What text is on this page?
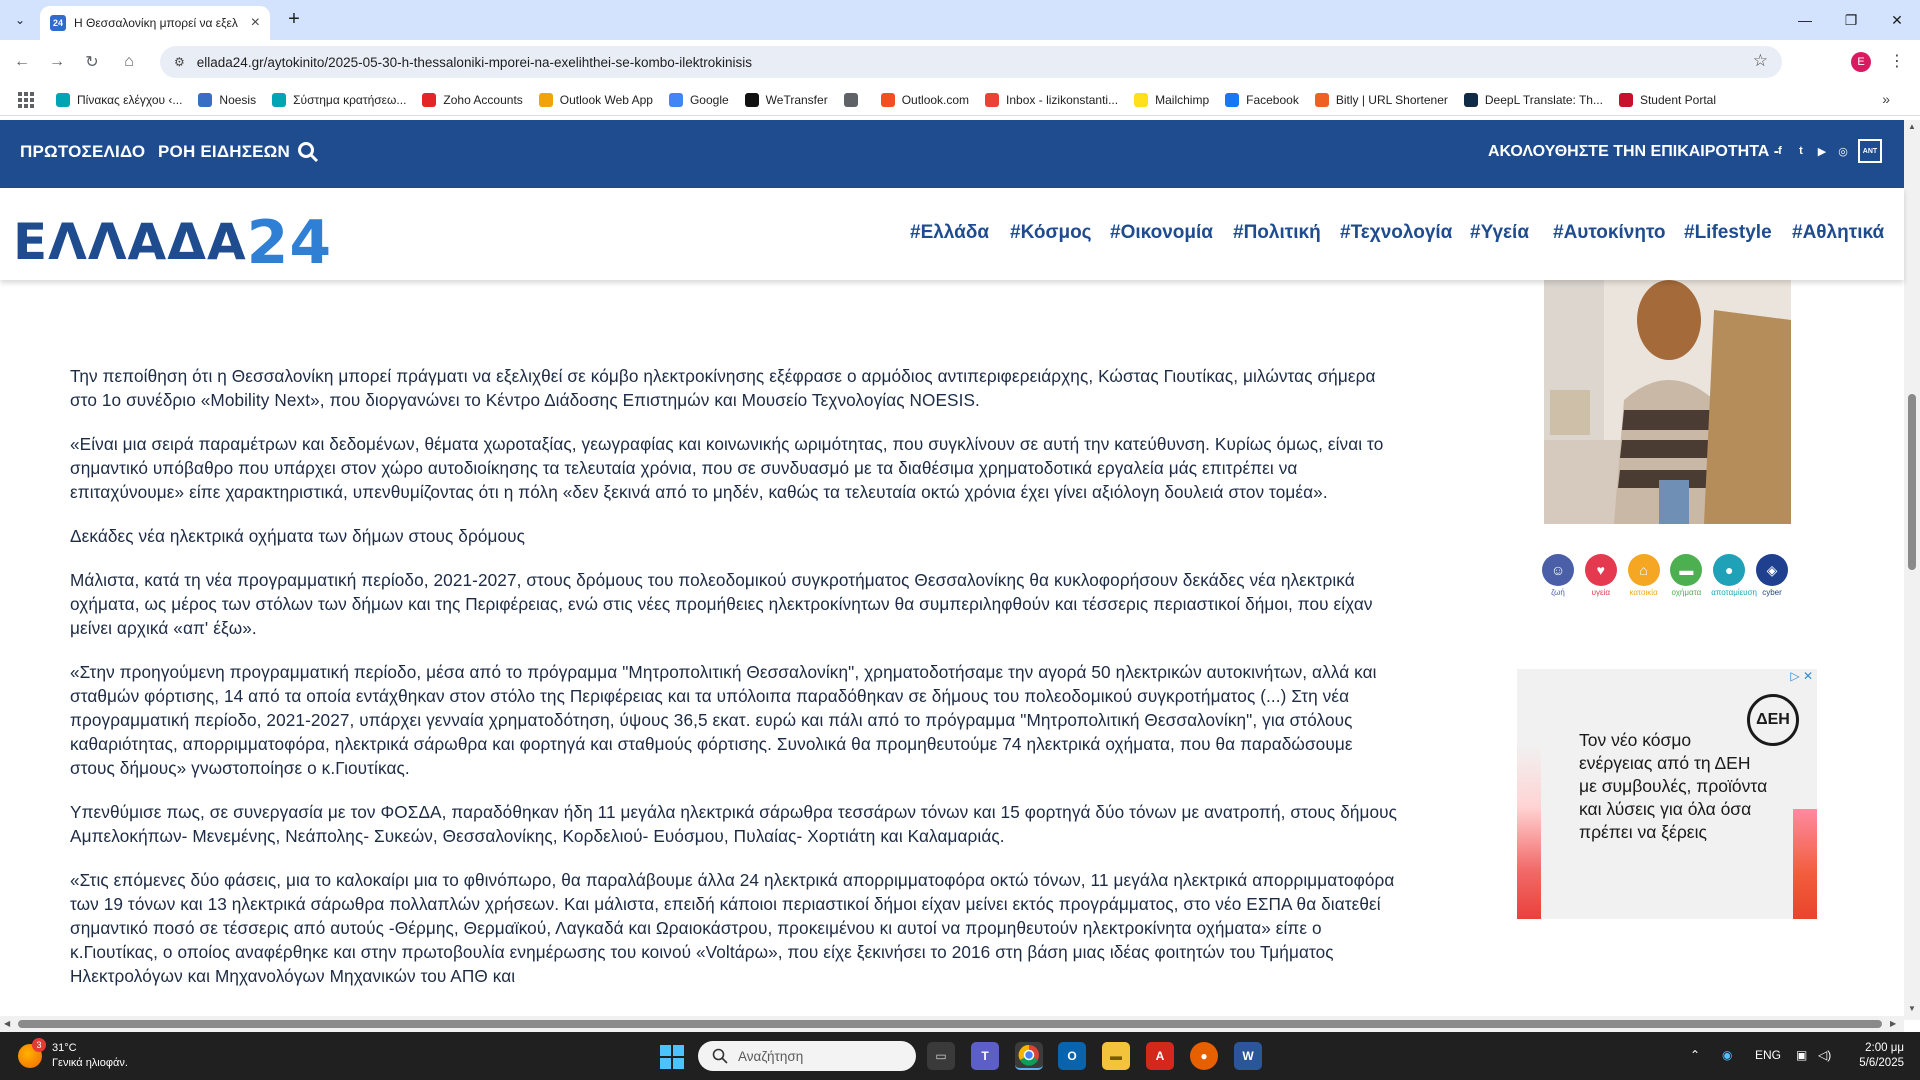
⌄	24 Η Θεσσαλονίκη μπορεί να εξελ ×	+	—	❐	✕
← →	↻	⌂	⚙ ellada24.gr/aytokinito/2025-05-30-h-thessaloniki-mporei-na-exelihthei-se-kombo-ilektrokinisis	☆	E	⋮
Πίνακας ελέγχου ‹...	Noesis	Σύστημα κρατήσεω...	Zoho Accounts	Outlook Web App	Google	WeTransfer	Outlook.com	Inbox - lizikonstanti...	Mailchimp	Facebook	Bitly | URL Shortener	DeepL Translate: Th...	Student Portal	»
ΠΡΩΤΟΣΕΛΙΔΟ ΡΟΗ ΕΙΔΗΣΕΩΝ	ΑΚΟΛΟΥΘΗΣΤΕ ΤΗΝ ΕΠΙΚΑΙΡΟΤΗΤΑ - f	t	▶	◎	ANT
ΕΛΛΑΔΑ24	#Ελλάδα #Κόσμος #Οικονομία #Πολιτική #Τεχνολογία #Υγεία #Αυτοκίνητο #Lifestyle #Αθλητικά

Την πεποίθηση ότι η Θεσσαλονίκη μπορεί πράγματι να εξελιχθεί σε κόμβο ηλεκτροκίνησης εξέφρασε ο αρμόδιος αντιπεριφερειάρχης, Κώστας Γιουτίκας, μιλώντας σήμερα στο 1ο συνέδριο «Mobility Next», που διοργανώνει το Κέντρο Διάδοσης Επιστημών και Μουσείο Τεχνολογίας NOESIS.

«Είναι μια σειρά παραμέτρων και δεδομένων, θέματα χωροταξίας, γεωγραφίας και κοινωνικής ωριμότητας, που συγκλίνουν σε αυτή την κατεύθυνση. Κυρίως όμως, είναι το σημαντικό υπόβαθρο που υπάρχει στον χώρο αυτοδιοίκησης τα τελευταία χρόνια, που σε συνδυασμό με τα διαθέσιμα χρηματοδοτικά εργαλεία μάς επιτρέπει να επιταχύνουμε» είπε χαρακτηριστικά, υπενθυμίζοντας ότι η πόλη «δεν ξεκινά από το μηδέν, καθώς τα τελευταία οκτώ χρόνια έχει γίνει αξιόλογη δουλειά στον τομέα».

Δεκάδες νέα ηλεκτρικά οχήματα των δήμων στους δρόμους

Μάλιστα, κατά τη νέα προγραμματική περίοδο, 2021-2027, στους δρόμους του πολεοδομικού συγκροτήματος Θεσσαλονίκης θα κυκλοφορήσουν δεκάδες νέα ηλεκτρικά οχήματα, ως μέρος των στόλων των δήμων και της Περιφέρειας, ενώ στις νέες προμήθειες ηλεκτροκίνητων θα συμπεριληφθούν και τέσσερις περιαστικοί δήμοι, που είχαν μείνει αρχικά «απ' έξω».

«Στην προηγούμενη προγραμματική περίοδο, μέσα από το πρόγραμμα "Μητροπολιτική Θεσσαλονίκη", χρηματοδοτήσαμε την αγορά 50 ηλεκτρικών αυτοκινήτων, αλλά και σταθμών φόρτισης, 14 από τα οποία εντάχθηκαν στον στόλο της Περιφέρειας και τα υπόλοιπα παραδόθηκαν σε δήμους του πολεοδομικού συγκροτήματος (...) Στη νέα προγραμματική περίοδο, 2021-2027, υπάρχει γενναία χρηματοδότηση, ύψους 36,5 εκατ. ευρώ και πάλι από το πρόγραμμα "Μητροπολιτική Θεσσαλονίκη", για στόλους καθαριότητας, απορριμματοφόρα, ηλεκτρικά σάρωθρα και φορτηγά και σταθμούς φόρτισης. Συνολικά θα προμηθευτούμε 74 ηλεκτρικά οχήματα, που θα παραδώσουμε στους δήμους» γνωστοποίησε ο κ.Γιουτίκας.

Υπενθύμισε πως, σε συνεργασία με τον ΦΟΣΔΑ, παραδόθηκαν ήδη 11 μεγάλα ηλεκτρικά σάρωθρα τεσσάρων τόνων και 15 φορτηγά δύο τόνων με ανατροπή, στους δήμους Αμπελοκήπων- Μενεμένης, Νεάπολης- Συκεών, Θεσσαλονίκης, Κορδελιού- Ευόσμου, Πυλαίας- Χορτιάτη και Καλαμαριάς.

«Στις επόμενες δύο φάσεις, μια το καλοκαίρι μια το φθινόπωρο, θα παραλάβουμε άλλα 24 ηλεκτρικά απορριμματοφόρα οκτώ τόνων, 11 μεγάλα ηλεκτρικά απορριμματοφόρα των 19 τόνων και 13 ηλεκτρικά σάρωθρα πολλαπλών χρήσεων. Και μάλιστα, επειδή κάποιοι περιαστικοί δήμοι είχαν μείνει εκτός προγράμματος, στο νέο ΕΣΠΑ θα διατεθεί σημαντικό ποσό σε τέσσερις από αυτούς -Θέρμης, Θερμαϊκού, Λαγκαδά και Ωραιοκάστρου, προκειμένου κι αυτοί να προμηθευτούν ηλεκτροκίνητα οχήματα» είπε ο κ.Γιουτίκας, ο οποίος αναφέρθηκε και στην πρωτοβουλία ενημέρωσης του κοινού «Voltάρω», που είχε ξεκινήσει το 2016 στη βάση μιας ιδέας φοιτητών του Τμήματος Ηλεκτρολόγων και Μηχανολόγων Μηχανικών του ΑΠΘ και

☺
ζωή
♥
υγεία
⌂
κατοικία
▬
οχήματα
●
αποταμίευση
◈
cyber
▷ ✕
ΔΕΗ
Τον νέο κόσμο ενέργειας από τη ΔΕΗ με συμβουλές, προϊόντα και λύσεις για όλα όσα πρέπει να ξέρεις
▲
▼
◀	▶
3 31°C
Γενικά ηλιοφάν.	Αναζήτηση	▭	T	O	▬	A	●	W	⌃ ◉ ENG ▣ ◁)	2:00 μμ
5/6/2025
